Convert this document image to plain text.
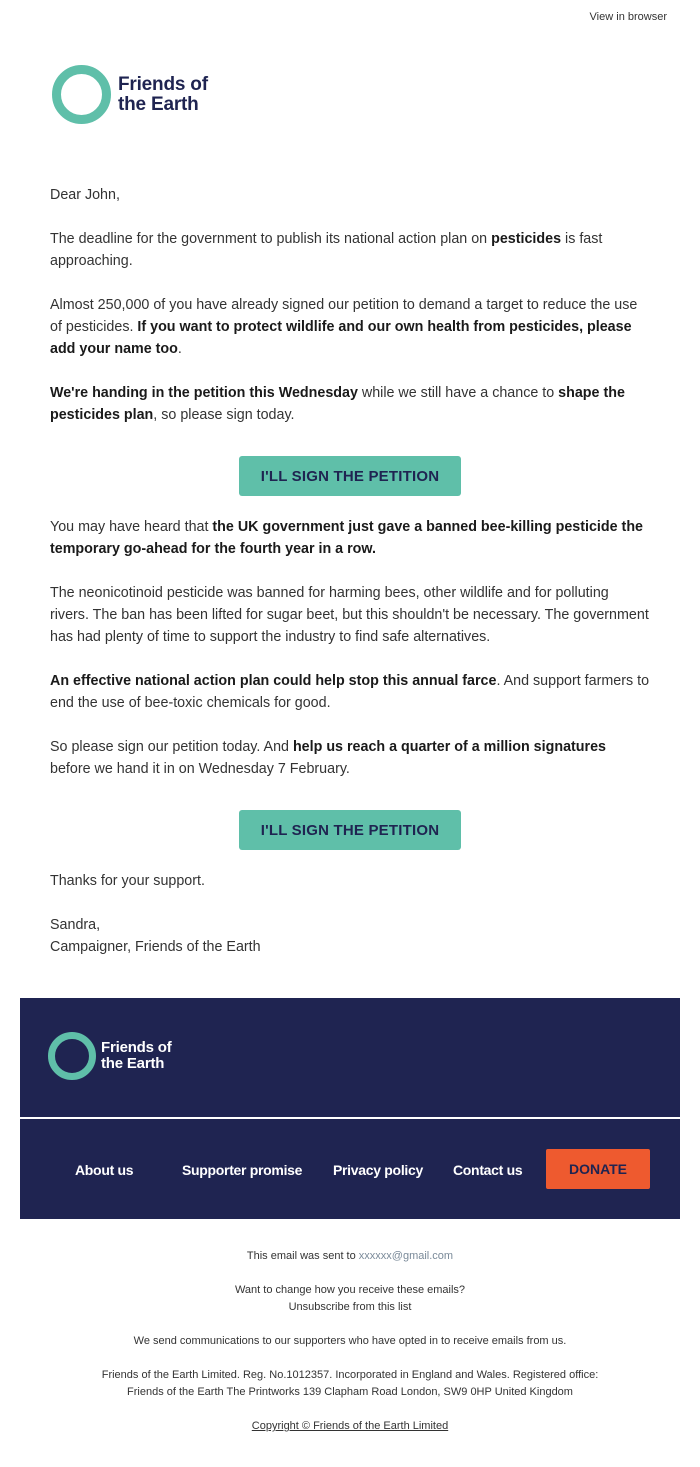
View in browser
Friends of
the Earth

Dear John,

The deadline for the government to publish its national action plan on pesticides is fast approaching.

Almost 250,000 of you have already signed our petition to demand a target to reduce the use of pesticides. If you want to protect wildlife and our own health from pesticides, please add your name too.

We're handing in the petition this Wednesday while we still have a chance to shape the pesticides plan, so please sign today.

I'LL SIGN THE PETITION

You may have heard that the UK government just gave a banned bee-killing pesticide the temporary go-ahead for the fourth year in a row.

The neonicotinoid pesticide was banned for harming bees, other wildlife and for polluting rivers. The ban has been lifted for sugar beet, but this shouldn't be necessary. The government has had plenty of time to support the industry to find safe alternatives.

An effective national action plan could help stop this annual farce. And support farmers to end the use of bee-toxic chemicals for good.

So please sign our petition today. And help us reach a quarter of a million signatures before we hand it in on Wednesday 7 February.

I'LL SIGN THE PETITION

Thanks for your support.

Sandra,

Campaigner, Friends of the Earth

Friends of
the Earth
About us	Supporter promise Privacy policy Contact us	DONATE
This email was sent to xxxxxx@gmail.com
Want to change how you receive these emails?
Unsubscribe from this list
We send communications to our supporters who have opted in to receive emails from us.
Friends of the Earth Limited. Reg. No.1012357. Incorporated in England and Wales. Registered office:
Friends of the Earth The Printworks 139 Clapham Road London, SW9 0HP United Kingdom
Copyright © Friends of the Earth Limited
